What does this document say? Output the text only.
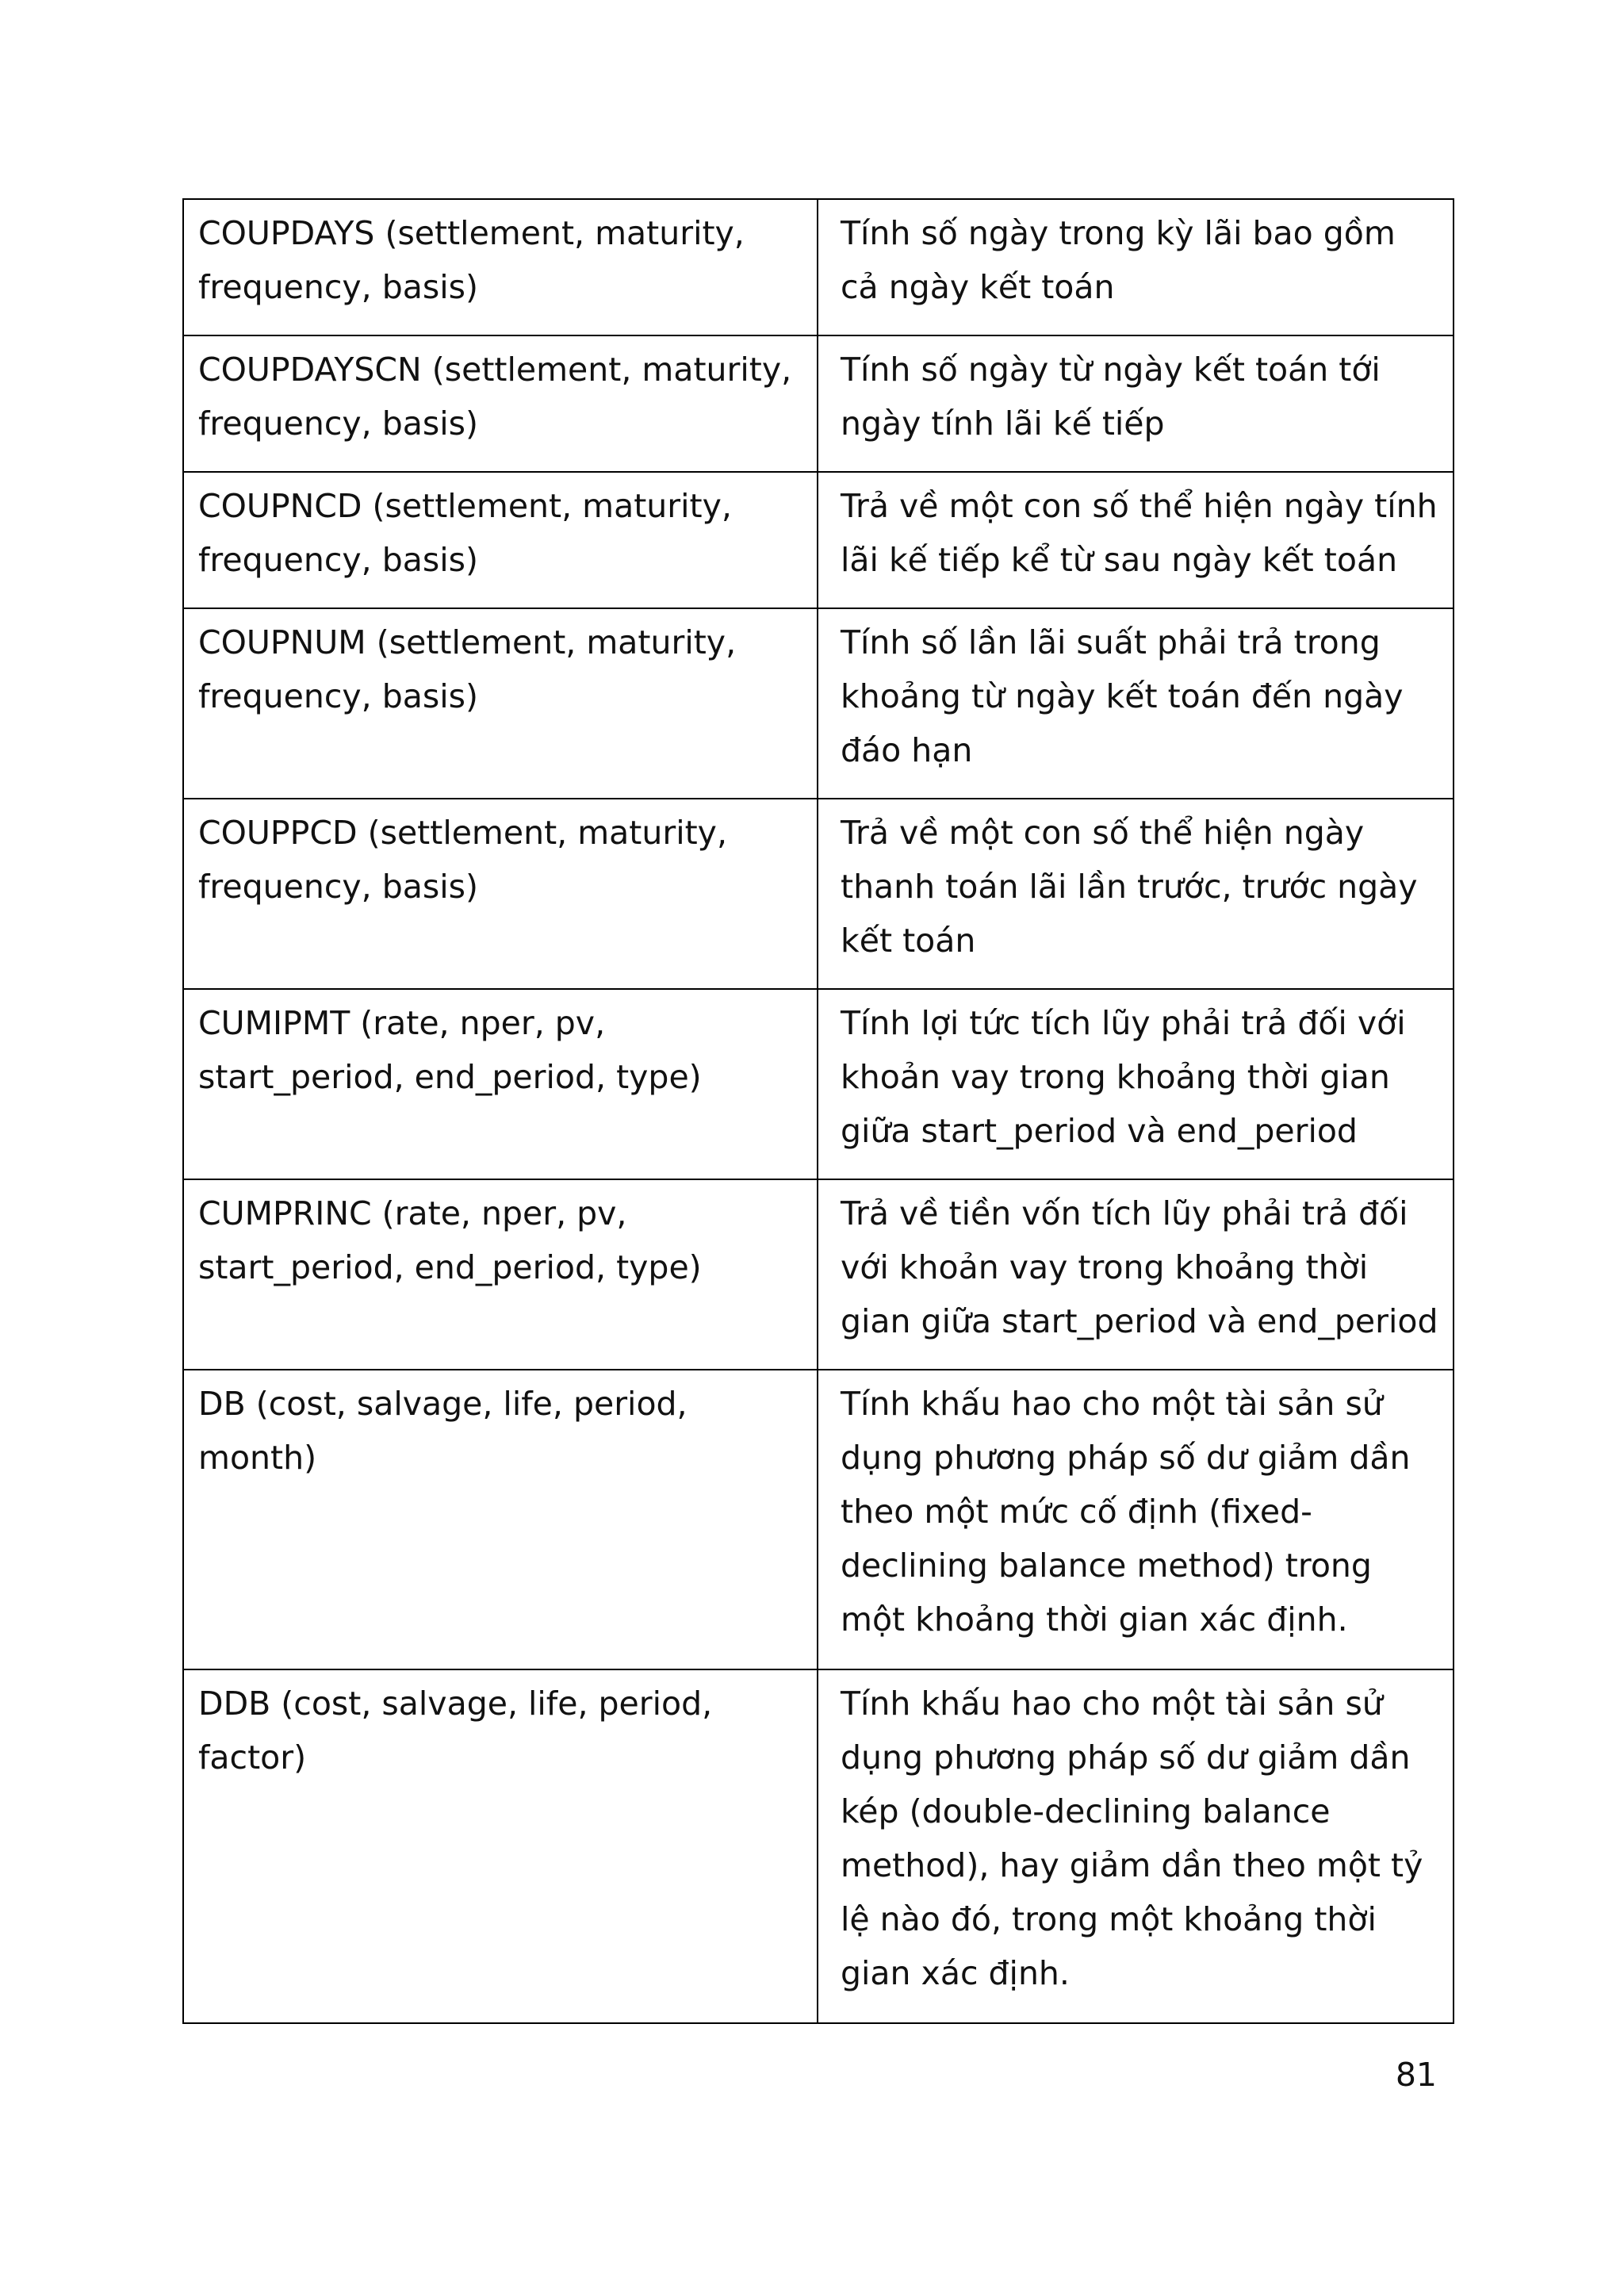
COUPDAYS (settlement, maturity, frequency, basis)	Tính số ngày trong kỳ lãi bao gồm cả ngày kết toán

COUPDAYSCN (settlement, maturity, frequency, basis)	Tính số ngày từ ngày kết toán tới ngày tính lãi kế tiếp

COUPNCD (settlement, maturity, frequency, basis)	Trả về một con số thể hiện ngày tính lãi kế tiếp kể từ sau ngày kết toán

COUPNUM (settlement, maturity, frequency, basis)	Tính số lần lãi suất phải trả trong khoảng từ ngày kết toán đến ngày đáo hạn

COUPPCD (settlement, maturity, frequency, basis)	Trả về một con số thể hiện ngày thanh toán lãi lần trước, trước ngày kết toán

CUMIPMT (rate, nper, pv, start_period, end_period, type)	Tính lợi tức tích lũy phải trả đối với khoản vay trong khoảng thời gian giữa start_period và end_period

CUMPRINC (rate, nper, pv, start_period, end_period, type)	Trả về tiền vốn tích lũy phải trả đối với khoản vay trong khoảng thời gian giữa start_period và end_period

DB (cost, salvage, life, period, month)	Tính khấu hao cho một tài sản sử dụng phương pháp số dư giảm dần theo một mức cố định (fixed-declining balance method) trong một khoảng thời gian xác định.

DDB (cost, salvage, life, period, factor)	Tính khấu hao cho một tài sản sử dụng phương pháp số dư giảm dần kép (double-declining balance method), hay giảm dần theo một tỷ lệ nào đó, trong một khoảng thời gian xác định.
81
